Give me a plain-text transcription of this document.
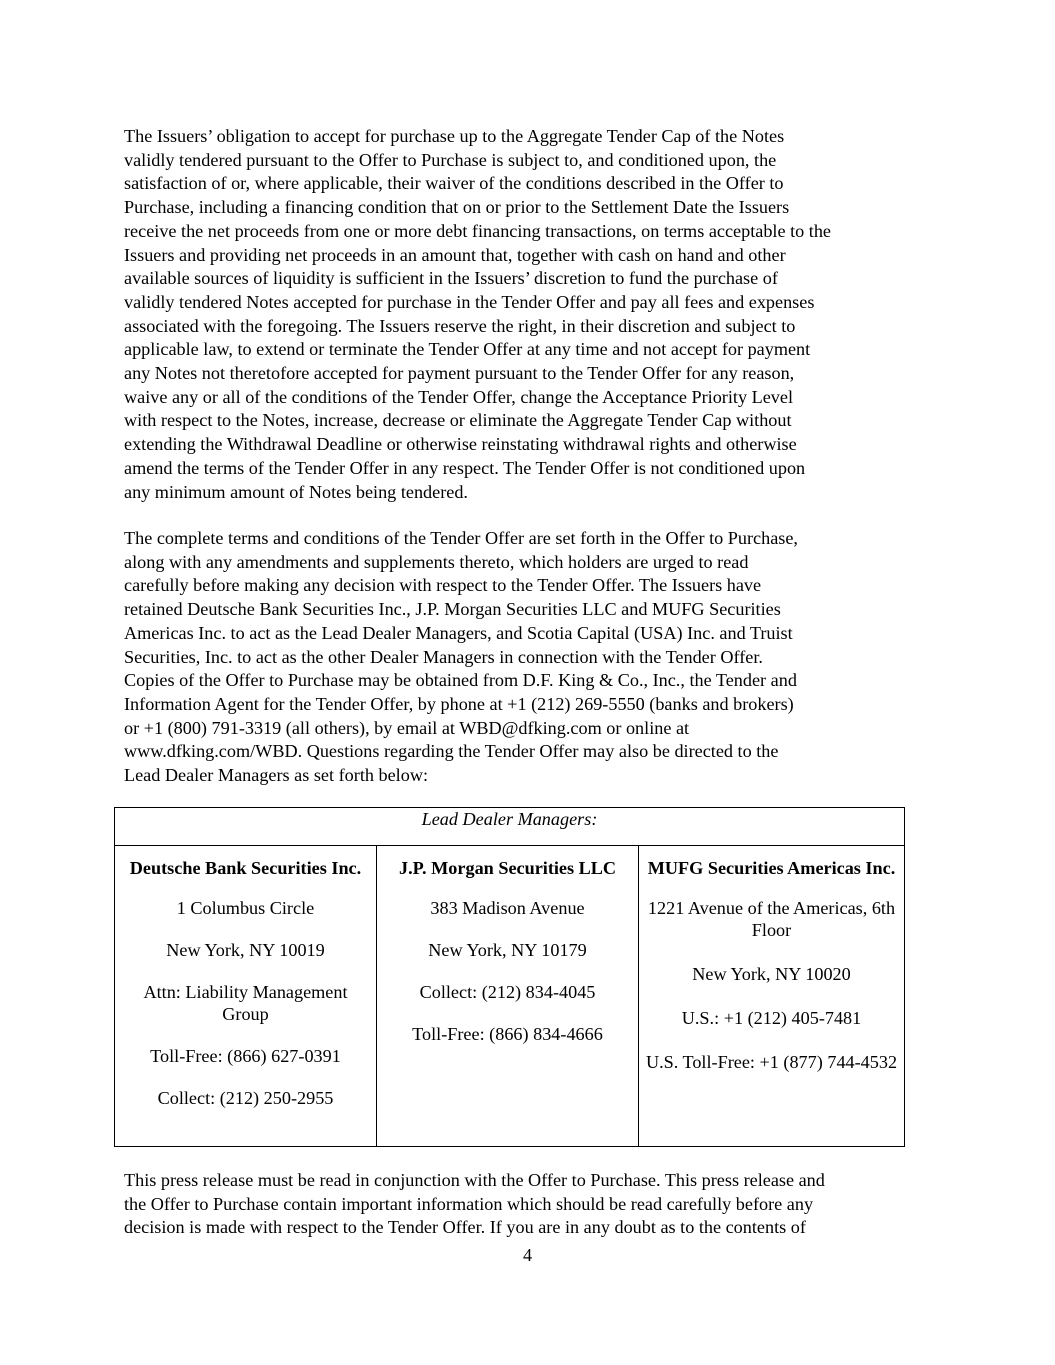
The Issuers’ obligation to accept for purchase up to the Aggregate Tender Cap of the Notes
validly tendered pursuant to the Offer to Purchase is subject to, and conditioned upon, the
satisfaction of or, where applicable, their waiver of the conditions described in the Offer to
Purchase, including a financing condition that on or prior to the Settlement Date the Issuers
receive the net proceeds from one or more debt financing transactions, on terms acceptable to the
Issuers and providing net proceeds in an amount that, together with cash on hand and other
available sources of liquidity is sufficient in the Issuers’ discretion to fund the purchase of
validly tendered Notes accepted for purchase in the Tender Offer and pay all fees and expenses
associated with the foregoing. The Issuers reserve the right, in their discretion and subject to
applicable law, to extend or terminate the Tender Offer at any time and not accept for payment
any Notes not theretofore accepted for payment pursuant to the Tender Offer for any reason,
waive any or all of the conditions of the Tender Offer, change the Acceptance Priority Level
with respect to the Notes, increase, decrease or eliminate the Aggregate Tender Cap without
extending the Withdrawal Deadline or otherwise reinstating withdrawal rights and otherwise
amend the terms of the Tender Offer in any respect. The Tender Offer is not conditioned upon
any minimum amount of Notes being tendered.
The complete terms and conditions of the Tender Offer are set forth in the Offer to Purchase,
along with any amendments and supplements thereto, which holders are urged to read
carefully before making any decision with respect to the Tender Offer. The Issuers have
retained Deutsche Bank Securities Inc., J.P. Morgan Securities LLC and MUFG Securities
Americas Inc. to act as the Lead Dealer Managers, and Scotia Capital (USA) Inc. and Truist
Securities, Inc. to act as the other Dealer Managers in connection with the Tender Offer.
Copies of the Offer to Purchase may be obtained from D.F. King & Co., Inc., the Tender and
Information Agent for the Tender Offer, by phone at +1 (212) 269-5550 (banks and brokers)
or +1 (800) 791-3319 (all others), by email at WBD@dfking.com or online at
www.dfking.com/WBD. Questions regarding the Tender Offer may also be directed to the
Lead Dealer Managers as set forth below:
Lead Dealer Managers:
Deutsche Bank Securities Inc.
1 Columbus Circle
New York, NY 10019
Attn: Liability Management Group
Toll-Free: (866) 627-0391
Collect: (212) 250-2955
J.P. Morgan Securities LLC
383 Madison Avenue
New York, NY 10179
Collect: (212) 834-4045
Toll-Free: (866) 834-4666
MUFG Securities Americas Inc.
1221 Avenue of the Americas, 6th Floor
New York, NY 10020
U.S.: +1 (212) 405-7481
U.S. Toll-Free: +1 (877) 744-4532
This press release must be read in conjunction with the Offer to Purchase. This press release and
the Offer to Purchase contain important information which should be read carefully before any
decision is made with respect to the Tender Offer. If you are in any doubt as to the contents of
4
